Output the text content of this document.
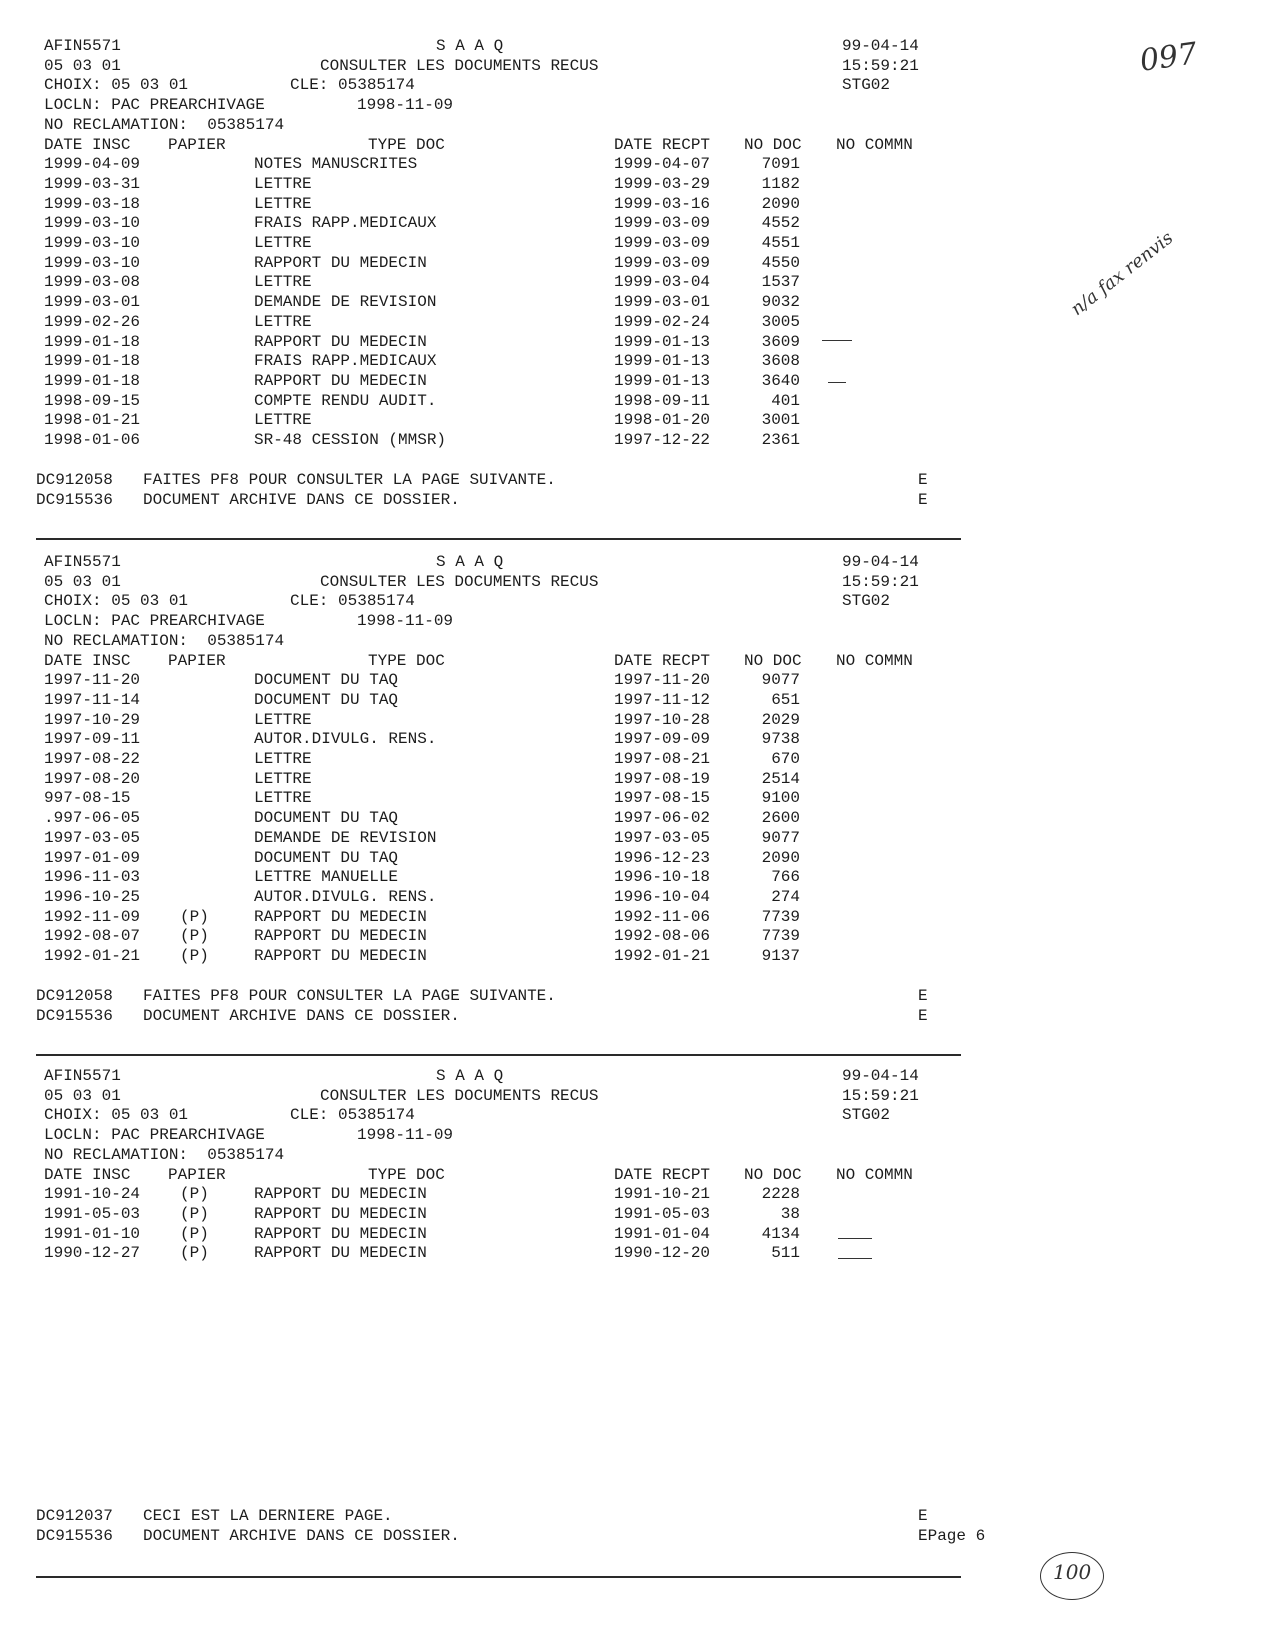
AFIN5571	S A A Q	99-04-14
05 03 01	CONSULTER LES DOCUMENTS RECUS	15:59:21
CHOIX: 05 03 01	CLE: 05385174	STG02
LOCLN: PAC PREARCHIVAGE	1998-11-09
NO RECLAMATION:  05385174
DATE INSC PAPIER	TYPE DOC	DATE RECPT NO DOC NO COMMN
1999-04-09	NOTES MANUSCRITES	1999-04-07	7091
1999-03-31	LETTRE	1999-03-29	1182
1999-03-18	LETTRE	1999-03-16	2090
1999-03-10	FRAIS RAPP.MEDICAUX	1999-03-09	4552
1999-03-10	LETTRE	1999-03-09	4551
1999-03-10	RAPPORT DU MEDECIN	1999-03-09	4550
1999-03-08	LETTRE	1999-03-04	1537
1999-03-01	DEMANDE DE REVISION	1999-03-01	9032
1999-02-26	LETTRE	1999-02-24	3005
1999-01-18	RAPPORT DU MEDECIN	1999-01-13	3609
1999-01-18	FRAIS RAPP.MEDICAUX	1999-01-13	3608
1999-01-18	RAPPORT DU MEDECIN	1999-01-13	3640
1998-09-15	COMPTE RENDU AUDIT.	1998-09-11	401
1998-01-21	LETTRE	1998-01-20	3001
1998-01-06	SR-48 CESSION (MMSR)	1997-12-22	2361
DC912058 FAITES PF8 POUR CONSULTER LA PAGE SUIVANTE.	E
DC915536 DOCUMENT ARCHIVE DANS CE DOSSIER.	E
AFIN5571	S A A Q	99-04-14
05 03 01	CONSULTER LES DOCUMENTS RECUS	15:59:21
CHOIX: 05 03 01	CLE: 05385174	STG02
LOCLN: PAC PREARCHIVAGE	1998-11-09
NO RECLAMATION:  05385174
DATE INSC PAPIER	TYPE DOC	DATE RECPT NO DOC NO COMMN
1997-11-20	DOCUMENT DU TAQ	1997-11-20	9077
1997-11-14	DOCUMENT DU TAQ	1997-11-12	651
1997-10-29	LETTRE	1997-10-28	2029
1997-09-11	AUTOR.DIVULG. RENS.	1997-09-09	9738
1997-08-22	LETTRE	1997-08-21	670
1997-08-20	LETTRE	1997-08-19	2514
997-08-15	LETTRE	1997-08-15	9100
.997-06-05	DOCUMENT DU TAQ	1997-06-02	2600
1997-03-05	DEMANDE DE REVISION	1997-03-05	9077
1997-01-09	DOCUMENT DU TAQ	1996-12-23	2090
1996-11-03	LETTRE MANUELLE	1996-10-18	766
1996-10-25	AUTOR.DIVULG. RENS.	1996-10-04	274
1992-11-09 (P)	RAPPORT DU MEDECIN	1992-11-06	7739
1992-08-07 (P)	RAPPORT DU MEDECIN	1992-08-06	7739
1992-01-21 (P)	RAPPORT DU MEDECIN	1992-01-21	9137
DC912058 FAITES PF8 POUR CONSULTER LA PAGE SUIVANTE.	E
DC915536 DOCUMENT ARCHIVE DANS CE DOSSIER.	E
AFIN5571	S A A Q	99-04-14
05 03 01	CONSULTER LES DOCUMENTS RECUS	15:59:21
CHOIX: 05 03 01	CLE: 05385174	STG02
LOCLN: PAC PREARCHIVAGE	1998-11-09
NO RECLAMATION:  05385174
DATE INSC PAPIER	TYPE DOC	DATE RECPT NO DOC NO COMMN
1991-10-24 (P)	RAPPORT DU MEDECIN	1991-10-21	2228
1991-05-03 (P)	RAPPORT DU MEDECIN	1991-05-03	38
1991-01-10 (P)	RAPPORT DU MEDECIN	1991-01-04	4134
1990-12-27 (P)	RAPPORT DU MEDECIN	1990-12-20	511
DC912037 CECI EST LA DERNIERE PAGE.	E
DC915536 DOCUMENT ARCHIVE DANS CE DOSSIER.	EPage 6
097
n/a fax renvis
100
